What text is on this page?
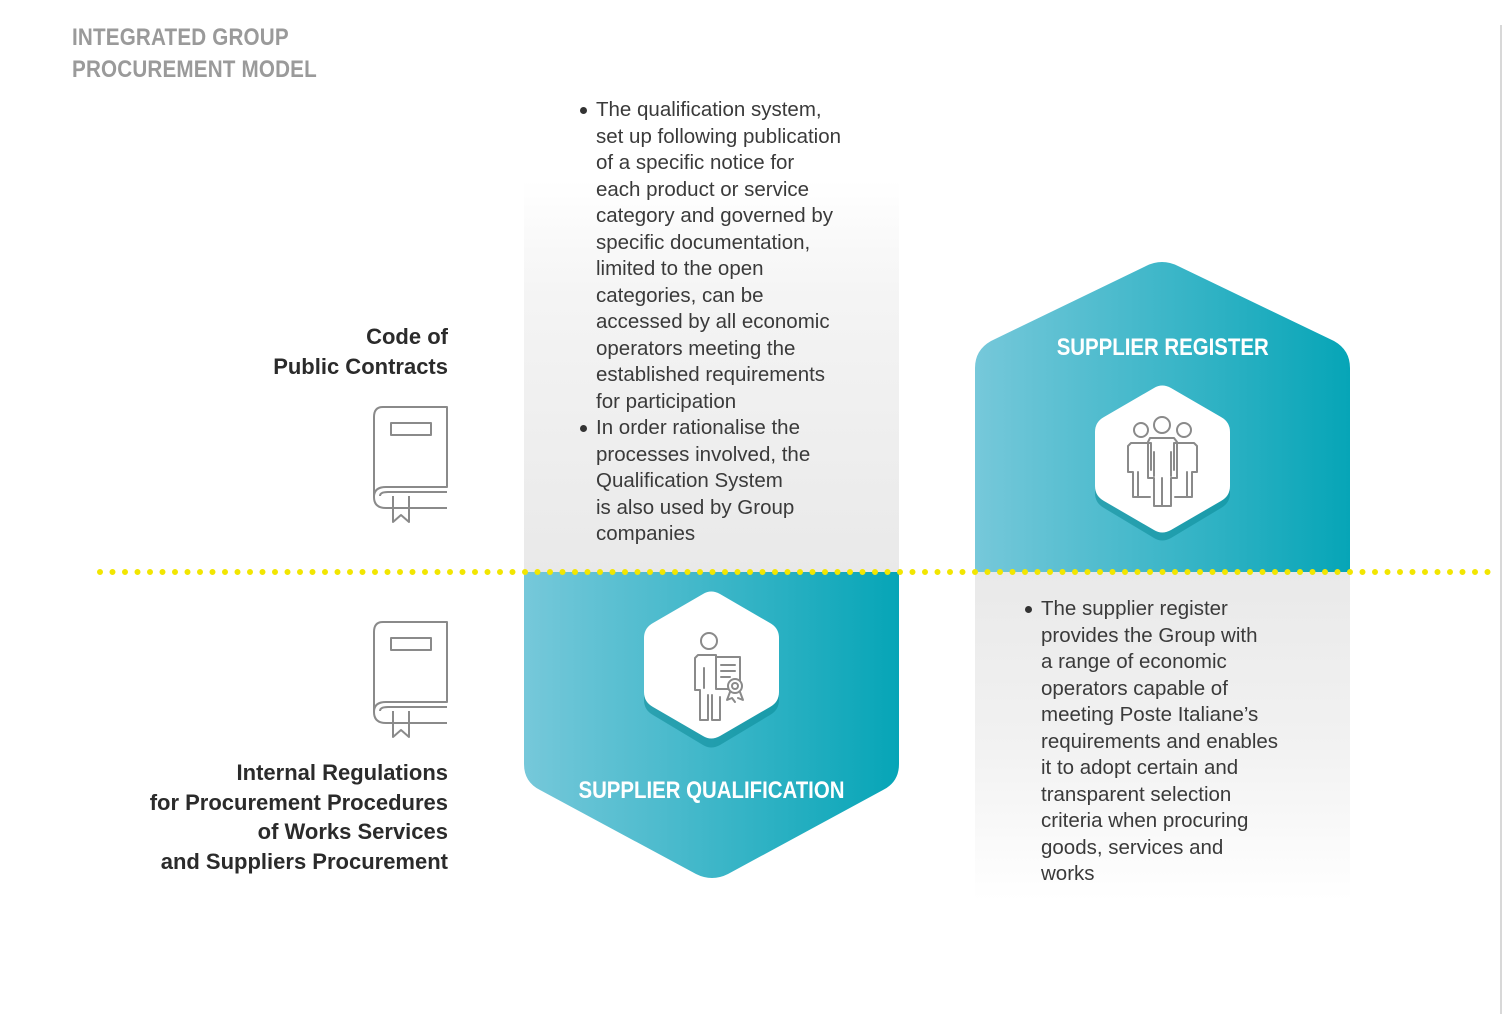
INTEGRATED GROUP
PROCUREMENT MODEL
Code of
Public Contracts
Internal Regulations
for Procurement Procedures
of Works Services
and Suppliers Procurement
The qualification system,
set up following publication
of a specific notice for
each product or service
category and governed by
specific documentation,
limited to the open
categories, can be
accessed by all economic
operators meeting the
established requirements
for participation
In order rationalise the
processes involved, the
Qualification System
is also used by Group
companies
The supplier register
provides the Group with
a range of economic
operators capable of
meeting Poste Italiane’s
requirements and enables
it to adopt certain and
transparent selection
criteria when procuring
goods, services and
works
SUPPLIER REGISTER
SUPPLIER QUALIFICATION
